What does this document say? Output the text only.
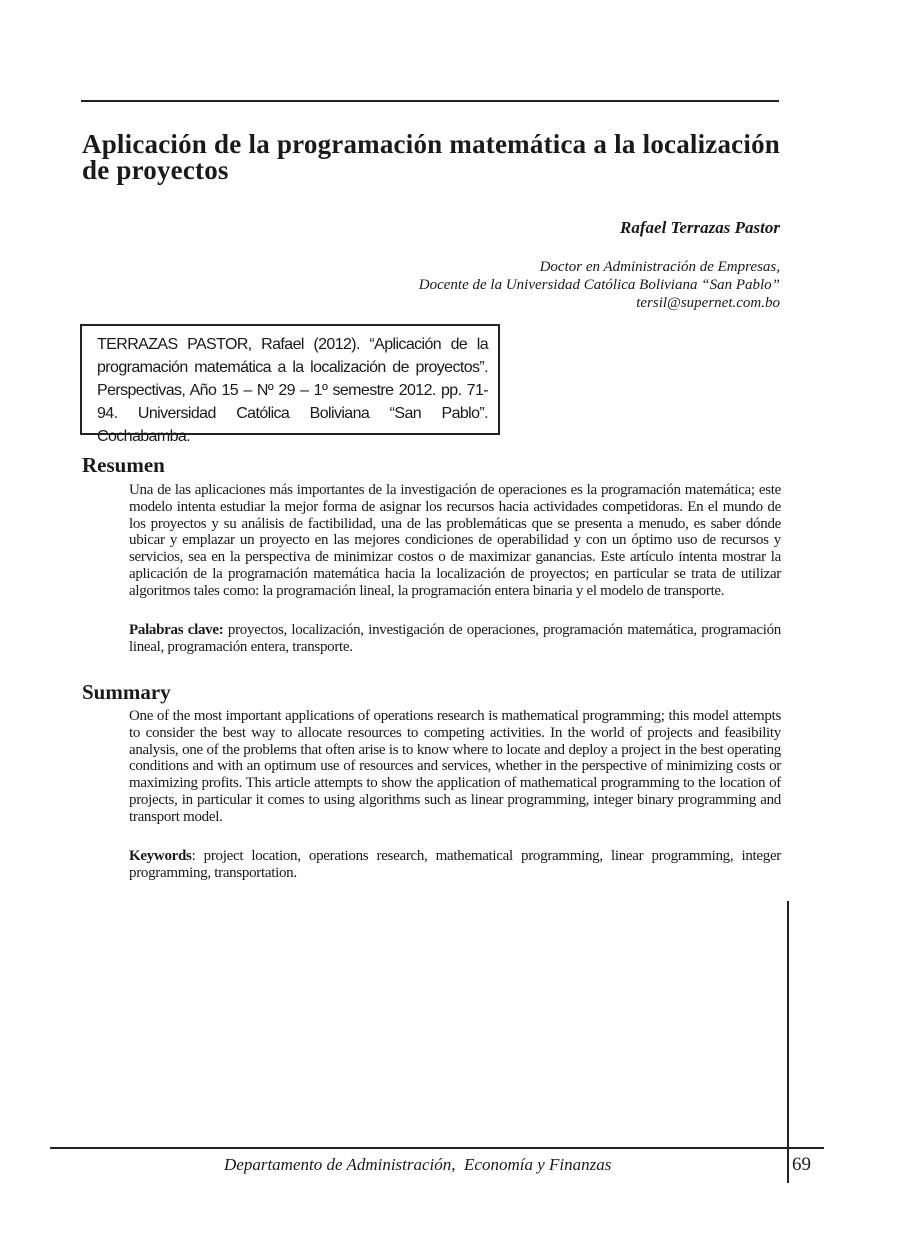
Aplicación de la programación matemática a la localización de proyectos
Rafael Terrazas Pastor
Doctor en Administración de Empresas,
Docente de la Universidad Católica Boliviana “San Pablo”
tersil@supernet.com.bo
TERRAZAS PASTOR, Rafael (2012). “Aplicación de la programación matemática a la localización de proyectos”. Perspectivas, Año 15 – Nº 29 – 1º semestre 2012. pp. 71-94. Universidad Católica Boliviana “San Pablo”. Cochabamba.
Resumen

Una de las aplicaciones más importantes de la investigación de operaciones es la programación matemática; este modelo intenta estudiar la mejor forma de asignar los recursos hacia actividades competidoras. En el mundo de los proyectos y su análisis de factibilidad, una de las problemáticas que se presenta a menudo, es saber dónde ubicar y emplazar un proyecto en las mejores condiciones de operabilidad y con un óptimo uso de recursos y servicios, sea en la perspectiva de minimizar costos o de maximizar ganancias. Este artículo intenta mostrar la aplicación de la programación matemática hacia la localización de proyectos; en particular se trata de utilizar algoritmos tales como: la programación lineal, la programación entera binaria y el modelo de transporte.

Palabras clave: proyectos, localización, investigación de operaciones, programación matemática, programación lineal, programación entera, transporte.

Summary

One of the most important applications of operations research is mathematical programming; this model attempts to consider the best way to allocate resources to competing activities. In the world of projects and feasibility analysis, one of the problems that often arise is to know where to locate and deploy a project in the best operating conditions and with an optimum use of resources and services, whether in the perspective of minimizing costs or maximizing profits. This article attempts to show the application of mathematical programming to the location of projects, in particular it comes to using algorithms such as linear programming, integer binary programming and transport model.

Keywords: project location, operations research, mathematical programming, linear programming, integer programming, transportation.

Departamento de Administración,  Economía y Finanzas	69
